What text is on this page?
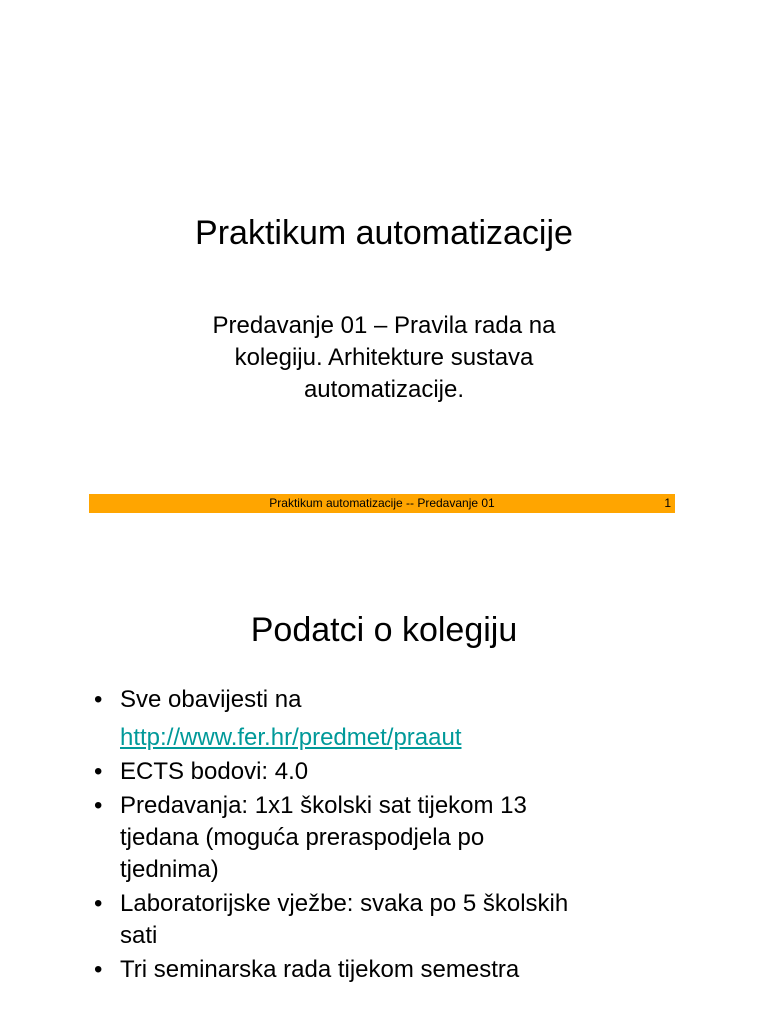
Praktikum automatizacije
Predavanje 01 – Pravila rada na
kolegiju. Arhitekture sustava
automatizacije.
Praktikum automatizacije -- Predavanje 01	1
Podatci o kolegiju
• Sve obavijesti na
http://www.fer.hr/predmet/praaut
• ECTS bodovi: 4.0
• Predavanja: 1x1 školski sat tijekom 13
tjedana (moguća preraspodjela po
tjednima)
• Laboratorijske vježbe: svaka po 5 školskih
sati
• Tri seminarska rada tijekom semestra
